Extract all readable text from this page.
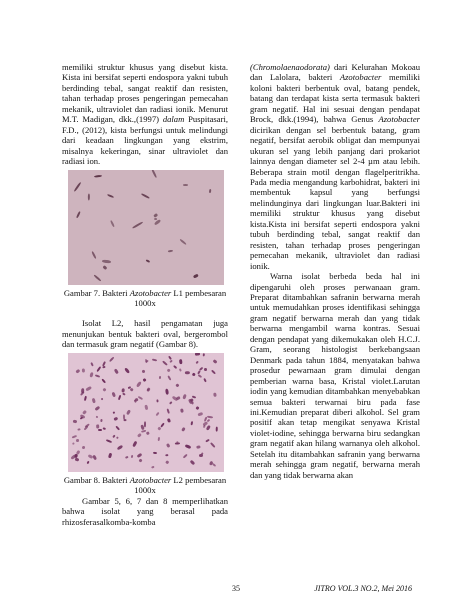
memiliki struktur khusus yang disebut kista. Kista ini bersifat seperti endospora yakni tubuh berdinding tebal, sangat reaktif dan resisten, tahan terhadap proses pengeringan pemecahan mekanik, ultraviolet dan radiasi ionik. Menurut M.T. Madigan, dkk.,(1997) dalam Puspitasari, F.D., (2012), kista berfungsi untuk melindungi dari keadaan lingkungan yang ekstrim, misalnya kekeringan, sinar ultraviolet dan radiasi ion.

Gambar 7. Bakteri Azotobacter L1 pembesaran 1000x

Isolat L2, hasil pengamatan juga menunjukan bentuk bakteri oval, bergerombol dan termasuk gram negatif (Gambar 8).

Gambar 8. Bakteri Azotobacter L2 pembesaran 1000x

Gambar 5, 6, 7 dan 8 memperlihatkan bahwa isolat yang berasal pada rhizosferasalkomba-komba

(Chromolaenaodorata) dari Kelurahan Mokoau dan Lalolara, bakteri Azotobacter memiliki koloni bakteri berbentuk oval, batang pendek, batang dan terdapat kista serta termasuk bakteri gram negatif. Hal ini sesuai dengan pendapat Brock, dkk.(1994), bahwa Genus Azotobacter dicirikan dengan sel berbentuk batang, gram negatif, bersifat aerobik obligat dan mempunyai ukuran sel yang lebih panjang dari prokariot lainnya dengan diameter sel 2-4 µm atau lebih. Beberapa strain motil dengan flagelperitrikha. Pada media mengandung karbohidrat, bakteri ini membentuk kapsul yang berfungsi melindunginya dari lingkungan luar.Bakteri ini memiliki struktur khusus yang disebut kista.Kista ini bersifat seperti endospora yakni tubuh berdinding tebal, sangat reaktif dan resisten, tahan terhadap proses pengeringan pemecahan mekanik, ultraviolet dan radiasi ionik.

Warna isolat berbeda beda hal ini dipengaruhi oleh proses perwanaan gram. Preparat ditambahkan safranin berwarna merah untuk memudahkan proses identifikasi sehingga gram negatif berwarna merah dan yang tidak berwarna mengambil warna kontras. Sesuai dengan pendapat yang dikemukakan oleh H.C.J. Gram, seorang histologist berkebangsaan Denmark pada tahun 1884, menyatakan bahwa prosedur pewarnaan gram dimulai dengan pemberian warna basa, Kristal violet.Larutan iodin yang kemudian ditambahkan menyebabkan semua bakteri terwarnai biru pada fase ini.Kemudian preparat diberi alkohol. Sel gram positif akan tetap mengikat senyawa Kristal violet-iodine, sehingga berwarna biru sedangkan gram negatif akan hilang warnanya oleh alkohol. Setelah itu ditambahkan safranin yang berwarna merah sehingga gram negatif, berwarna merah dan yang tidak berwarna akan

35	JITRO VOL.3 NO.2, Mei 2016
